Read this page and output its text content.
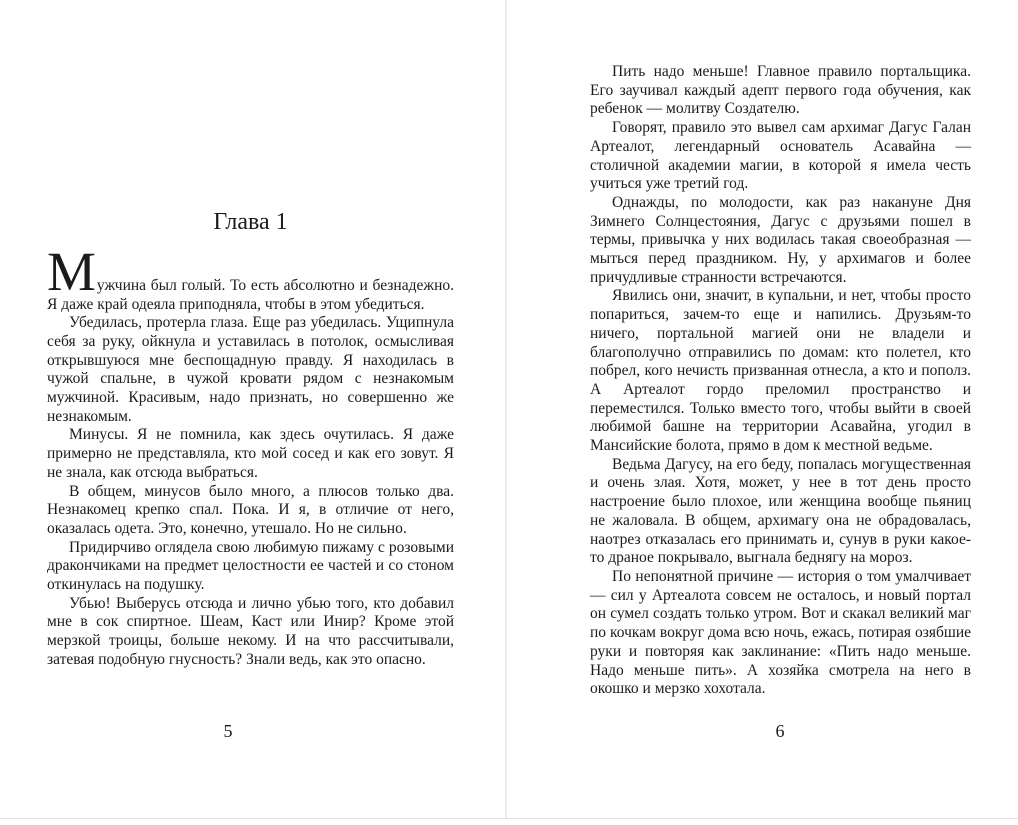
Глава 1

Мужчина был голый. То есть абсолютно и безнадежно. Я даже край одеяла приподняла, чтобы в этом убедиться.

Убедилась, протерла глаза. Еще раз убедилась. Ущипнула себя за руку, ойкнула и уставилась в потолок, осмысливая открывшуюся мне беспощадную правду. Я находилась в чужой спальне, в чужой кровати рядом с незнакомым мужчиной. Красивым, надо признать, но совершенно же незнакомым.

Минусы. Я не помнила, как здесь очутилась. Я даже примерно не представляла, кто мой сосед и как его зовут. Я не знала, как отсюда выбраться.

В общем, минусов было много, а плюсов только два. Незнакомец крепко спал. Пока. И я, в отличие от него, оказалась одета. Это, конечно, утешало. Но не сильно.

Придирчиво оглядела свою любимую пижаму с розовыми дракончиками на предмет целостности ее частей и со стоном откинулась на подушку.

Убью! Выберусь отсюда и лично убью того, кто добавил мне в сок спиртное. Шеам, Каст или Инир? Кроме этой мерзкой троицы, больше некому. И на что рассчитывали, затевая подобную гнусность? Знали ведь, как это опасно.

5

Пить надо меньше! Главное правило портальщика. Его заучивал каждый адепт первого года обучения, как ребенок — молитву Создателю.

Говорят, правило это вывел сам архимаг Дагус Галан Артеалот, легендарный основатель Асавайна — столичной академии магии, в которой я имела честь учиться уже третий год.

Однажды, по молодости, как раз накануне Дня Зимнего Солнцестояния, Дагус с друзьями пошел в термы, привычка у них водилась такая своеобразная — мыться перед праздником. Ну, у архимагов и более причудливые странности встречаются.

Явились они, значит, в купальни, и нет, чтобы просто попариться, зачем-то еще и напились. Друзьям-то ничего, портальной магией они не владели и благополучно отправились по домам: кто полетел, кто побрел, кого нечисть призванная отнесла, а кто и пополз. А Артеалот гордо преломил пространство и переместился. Только вместо того, чтобы выйти в своей любимой башне на территории Асавайна, угодил в Мансийские болота, прямо в дом к местной ведьме.

Ведьма Дагусу, на его беду, попалась могущественная и очень злая. Хотя, может, у нее в тот день просто настроение было плохое, или женщина вообще пьяниц не жаловала. В общем, архимагу она не обрадовалась, наотрез отказалась его принимать и, сунув в руки какое-то драное покрывало, выгнала беднягу на мороз.

По непонятной причине — история о том умалчивает — сил у Артеалота совсем не осталось, и новый портал он сумел создать только утром. Вот и скакал великий маг по кочкам вокруг дома всю ночь, ежась, потирая озябшие руки и повторяя как заклинание: «Пить надо меньше. Надо меньше пить». А хозяйка смотрела на него в окошко и мерзко хохотала.

6
